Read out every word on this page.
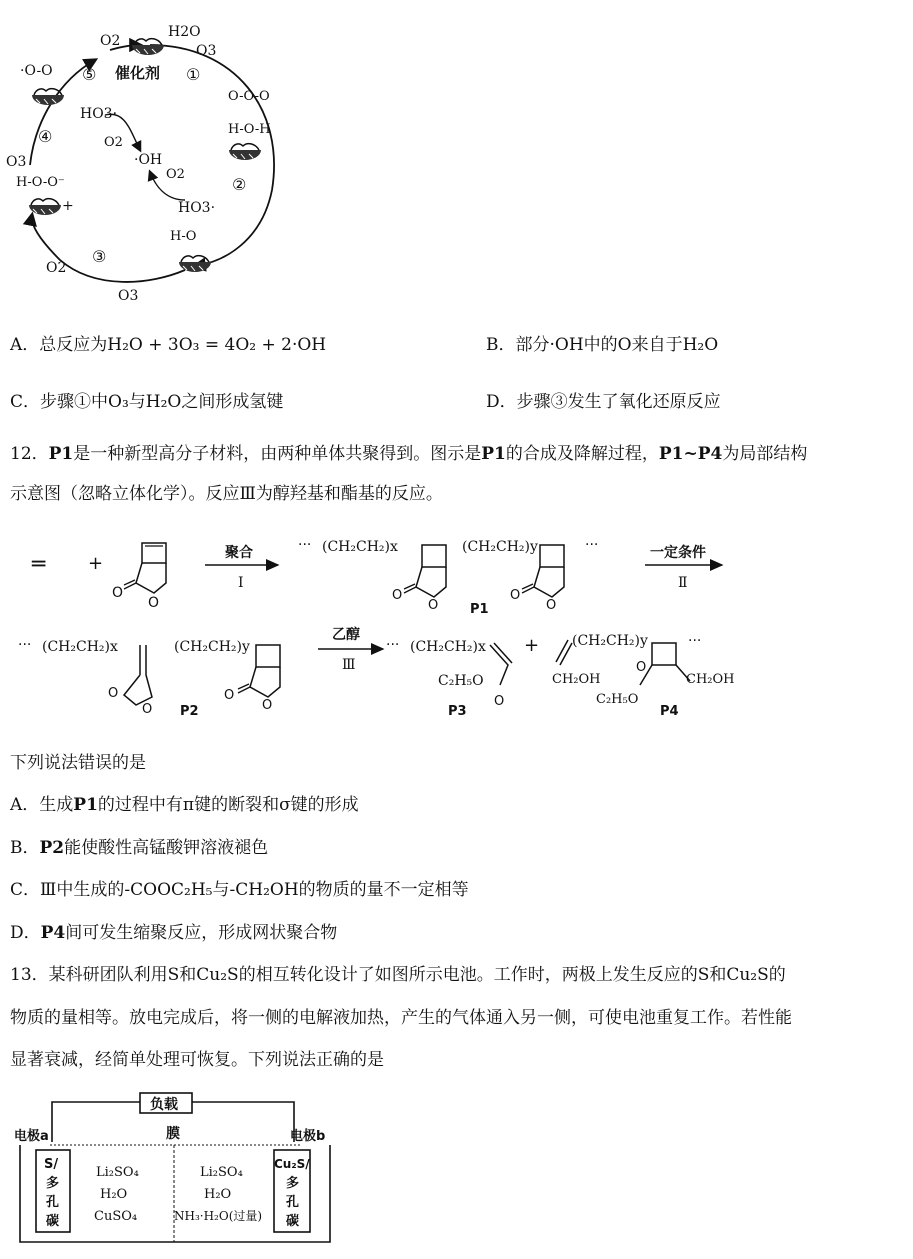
催化剂
⑤	①
②
③
④
H2O
O3
O2
·O-O
O-O-O
H-O-H
HO3·
O2
·OH
O2
HO3·
O3
H-O-O⁻
+
H-O
O2
O3
A．总反应为H₂O + 3O₃ = 4O₂ + 2·OH	B．部分·OH中的O来自于H₂O
C．步骤①中O₃与H₂O之间形成氢键	D．步骤③发生了氧化还原反应
12．P1是一种新型高分子材料，由两种单体共聚得到。图示是P1的合成及降解过程，P1~P4为局部结构
示意图（忽略立体化学）。反应Ⅲ为醇羟基和酯基的反应。
═ +
O
O
聚合
Ⅰ
··· (CH₂CH₂)x
O
O
(CH₂CH₂)y
O
O
···
P1
一定条件
Ⅱ
··· (CH₂CH₂)x
O
O
(CH₂CH₂)y
O
O
P2
乙醇
Ⅲ
··· (CH₂CH₂)x
C₂H₅O
O
P3
+
CH₂OH
(CH₂CH₂)y
O
CH₂OH
C₂H₅O
P4
···
下列说法错误的是
A．生成P1的过程中有π键的断裂和σ键的形成
B．P2能使酸性高锰酸钾溶液褪色
C．Ⅲ中生成的-COOC₂H₅与-CH₂OH的物质的量不一定相等
D．P4间可发生缩聚反应，形成网状聚合物
13．某科研团队利用S和Cu₂S的相互转化设计了如图所示电池。工作时，两极上发生反应的S和Cu₂S的
物质的量相等。放电完成后，将一侧的电解液加热，产生的气体通入另一侧，可使电池重复工作。若性能
显著衰减，经简单处理可恢复。下列说法正确的是
负载
电极a	电极b
膜
S/
多
孔
碳
Cu₂S/
多
孔
碳
Li₂SO₄
H₂O
CuSO₄
Li₂SO₄
H₂O
NH₃·H₂O(过量)
